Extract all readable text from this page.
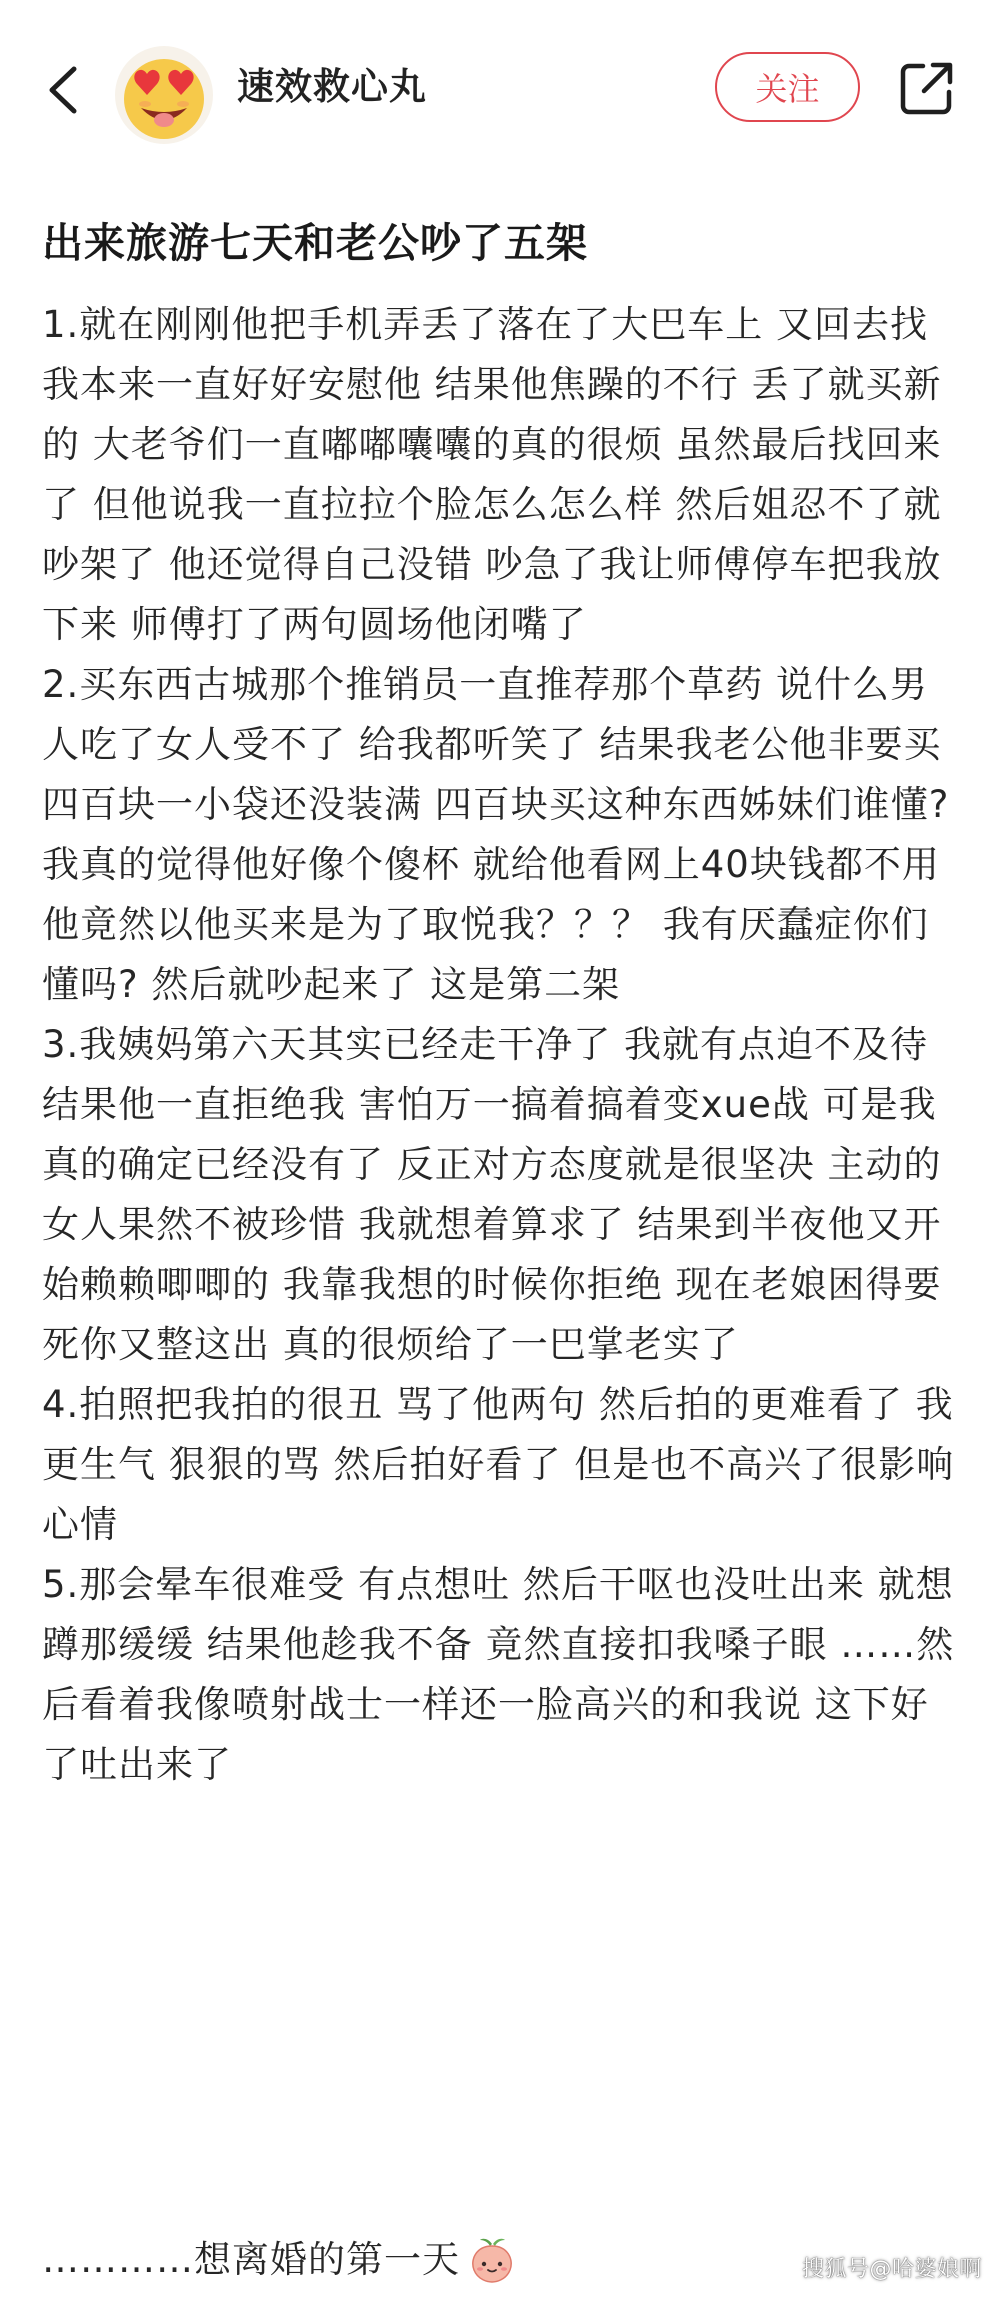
速效救心丸	关注
出来旅游七天和老公吵了五架

1.就在刚刚他把手机弄丢了落在了大巴车上 又回去找 我本来一直好好安慰他 结果他焦躁的不行 丢了就买新的 大老爷们一直嘟嘟囔囔的真的很烦 虽然最后找回来了 但他说我一直拉拉个脸怎么怎么样 然后姐忍不了就吵架了 他还觉得自己没错 吵急了我让师傅停车把我放下来 师傅打了两句圆场他闭嘴了

2.买东西古城那个推销员一直推荐那个草药 说什么男人吃了女人受不了 给我都听笑了 结果我老公他非要买 四百块一小袋还没装满 四百块买这种东西姊妹们谁懂? 我真的觉得他好像个傻杯 就给他看网上40块钱都不用 他竟然以他买来是为了取悦我？？？ 我有厌蠢症你们懂吗? 然后就吵起来了 这是第二架

3.我姨妈第六天其实已经走干净了 我就有点迫不及待结果他一直拒绝我 害怕万一搞着搞着变xue战 可是我真的确定已经没有了 反正对方态度就是很坚决 主动的女人果然不被珍惜 我就想着算求了 结果到半夜他又开始赖赖唧唧的 我靠我想的时候你拒绝 现在老娘困得要死你又整这出 真的很烦给了一巴掌老实了

4.拍照把我拍的很丑 骂了他两句 然后拍的更难看了 我更生气 狠狠的骂 然后拍好看了 但是也不高兴了很影响心情

5.那会晕车很难受 有点想吐 然后干呕也没吐出来 就想蹲那缓缓 结果他趁我不备 竟然直接扣我嗓子眼 ……然后看着我像喷射战士一样还一脸高兴的和我说 这下好了吐出来了

…………想离婚的第一天	搜狐号@哈婆娘啊
